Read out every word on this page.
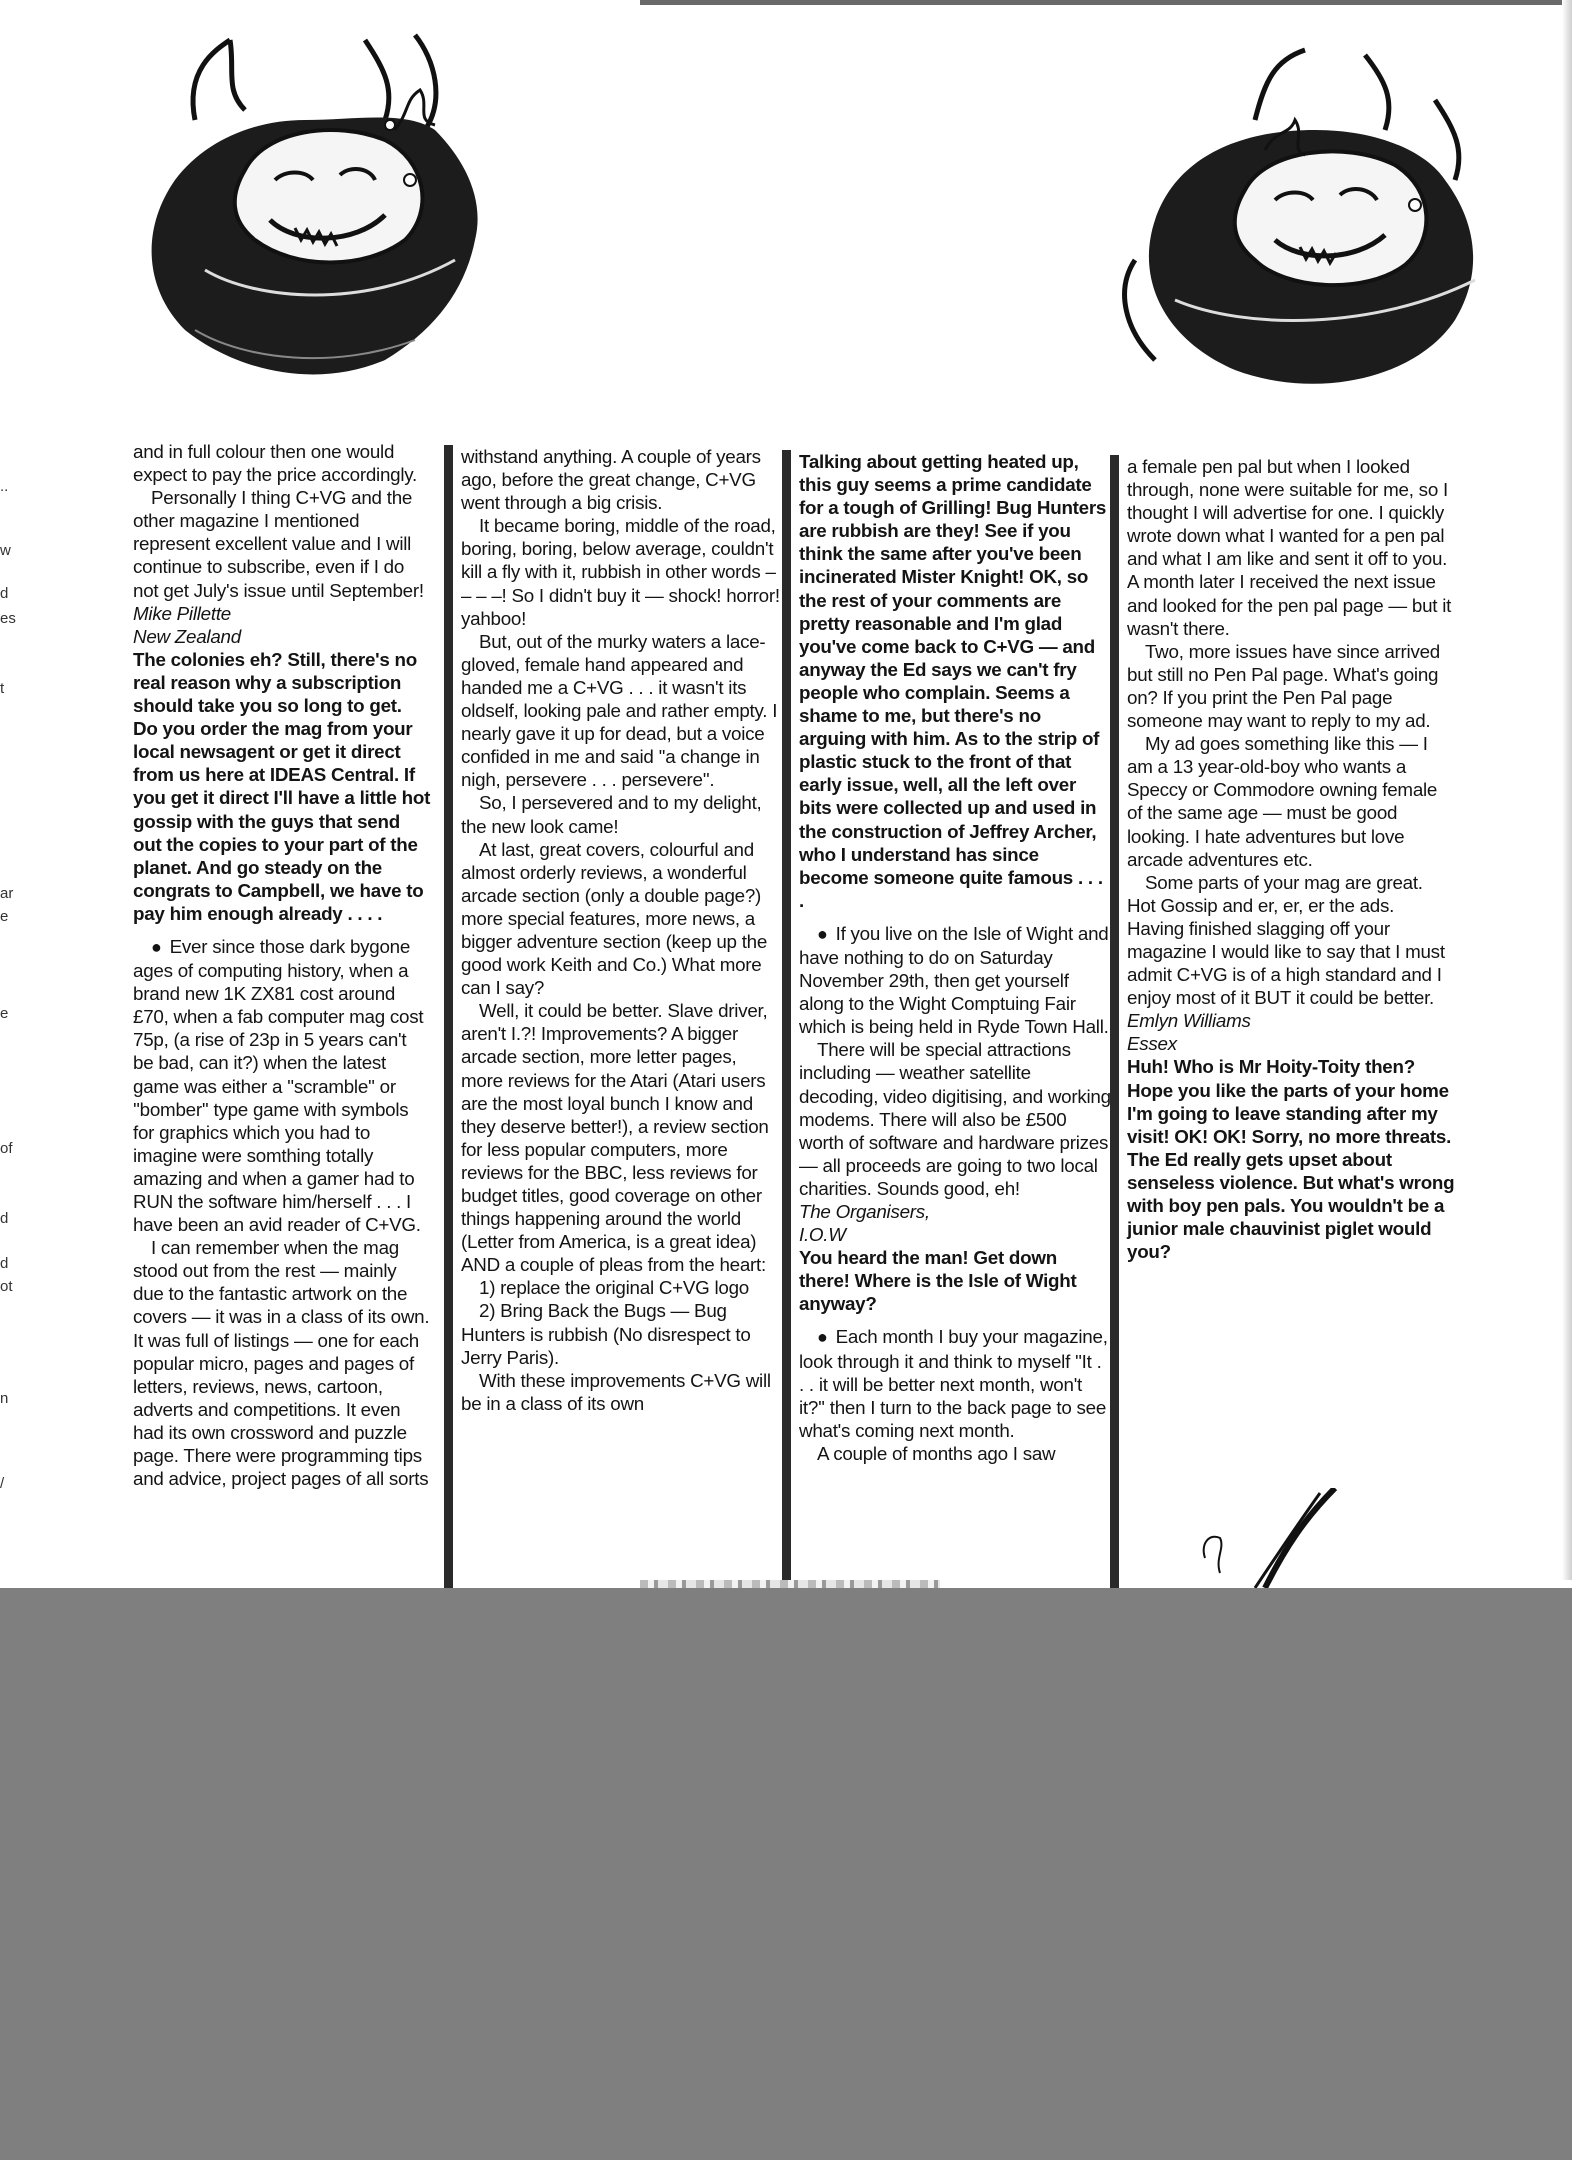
..
w
d
es
t
ar
e
e
of
d
d
ot
n
/

and in full colour then one would expect to pay the price accordingly.

Personally I thing C+VG and the other magazine I mentioned represent excellent value and I will continue to subscribe, even if I do not get July's issue until September!

Mike Pillette

New Zealand

The colonies eh? Still, there's no real reason why a subscription should take you so long to get. Do you order the mag from your local newsagent or get it direct from us here at IDEAS Central. If you get it direct I'll have a little hot gossip with the guys that send out the copies to your part of the planet. And go steady on the congrats to Campbell, we have to pay him enough already . . . .

● Ever since those dark bygone ages of computing history, when a brand new 1K ZX81 cost around £70, when a fab computer mag cost 75p, (a rise of 23p in 5 years can't be bad, can it?) when the latest game was either a ''scramble'' or ''bomber'' type game with symbols for graphics which you had to imagine were somthing totally amazing and when a gamer had to RUN the software him/herself . . . I have been an avid reader of C+VG.

I can remember when the mag stood out from the rest — mainly due to the fantastic artwork on the covers — it was in a class of its own. It was full of listings — one for each popular micro, pages and pages of letters, reviews, news, cartoon, adverts and competitions. It even had its own crossword and puzzle page. There were programming tips and advice, project pages of all sorts

withstand anything. A couple of years ago, before the great change, C+VG went through a big crisis.

It became boring, middle of the road, boring, boring, below average, couldn't kill a fly with it, rubbish in other words – – – –! So I didn't buy it — shock! horror! yahboo!

But, out of the murky waters a lace-gloved, female hand appeared and handed me a C+VG . . . it wasn't its oldself, looking pale and rather empty. I nearly gave it up for dead, but a voice confided in me and said ''a change in nigh, persevere . . . persevere''.

So, I persevered and to my delight, the new look came!

At last, great covers, colourful and almost orderly reviews, a wonderful arcade section (only a double page?) more special features, more news, a bigger adventure section (keep up the good work Keith and Co.) What more can I say?

Well, it could be better. Slave driver, aren't I.?! Improvements? A bigger arcade section, more letter pages, more reviews for the Atari (Atari users are the most loyal bunch I know and they deserve better!), a review section for less popular computers, more reviews for the BBC, less reviews for budget titles, good coverage on other things happening around the world (Letter from America, is a great idea) AND a couple of pleas from the heart:

1) replace the original C+VG logo

2) Bring Back the Bugs — Bug Hunters is rubbish (No disrespect to Jerry Paris).

With these improvements C+VG will be in a class of its own

Talking about getting heated up, this guy seems a prime candidate for a tough of Grilling! Bug Hunters are rubbish are they! See if you think the same after you've been incinerated Mister Knight! OK, so the rest of your comments are pretty reasonable and I'm glad you've come back to C+VG — and anyway the Ed says we can't fry people who complain. Seems a shame to me, but there's no arguing with him. As to the strip of plastic stuck to the front of that early issue, well, all the left over bits were collected up and used in the construction of Jeffrey Archer, who I understand has since become someone quite famous . . . .

● If you live on the Isle of Wight and have nothing to do on Saturday November 29th, then get yourself along to the Wight Comptuing Fair which is being held in Ryde Town Hall.

There will be special attractions including — weather satellite decoding, video digitising, and working modems. There will also be £500 worth of software and hardware prizes — all proceeds are going to two local charities. Sounds good, eh!

The Organisers,

I.O.W

You heard the man! Get down there! Where is the Isle of Wight anyway?

● Each month I buy your magazine, look through it and think to myself ''It . . . it will be better next month, won't it?'' then I turn to the back page to see what's coming next month.

A couple of months ago I saw

a female pen pal but when I looked through, none were suitable for me, so I thought I will advertise for one. I quickly wrote down what I wanted for a pen pal and what I am like and sent it off to you. A month later I received the next issue and looked for the pen pal page — but it wasn't there.

Two, more issues have since arrived but still no Pen Pal page. What's going on? If you print the Pen Pal page someone may want to reply to my ad.

My ad goes something like this — I am a 13 year-old-boy who wants a Speccy or Commodore owning female of the same age — must be good looking. I hate adventures but love arcade adventures etc.

Some parts of your mag are great. Hot Gossip and er, er, er the ads. Having finished slagging off your magazine I would like to say that I must admit C+VG is of a high standard and I enjoy most of it BUT it could be better.

Emlyn Williams

Essex

Huh! Who is Mr Hoity-Toity then? Hope you like the parts of your home I'm going to leave standing after my visit! OK! OK! Sorry, no more threats. The Ed really gets upset about senseless violence. But what's wrong with boy pen pals. You wouldn't be a junior male chauvinist piglet would you?
